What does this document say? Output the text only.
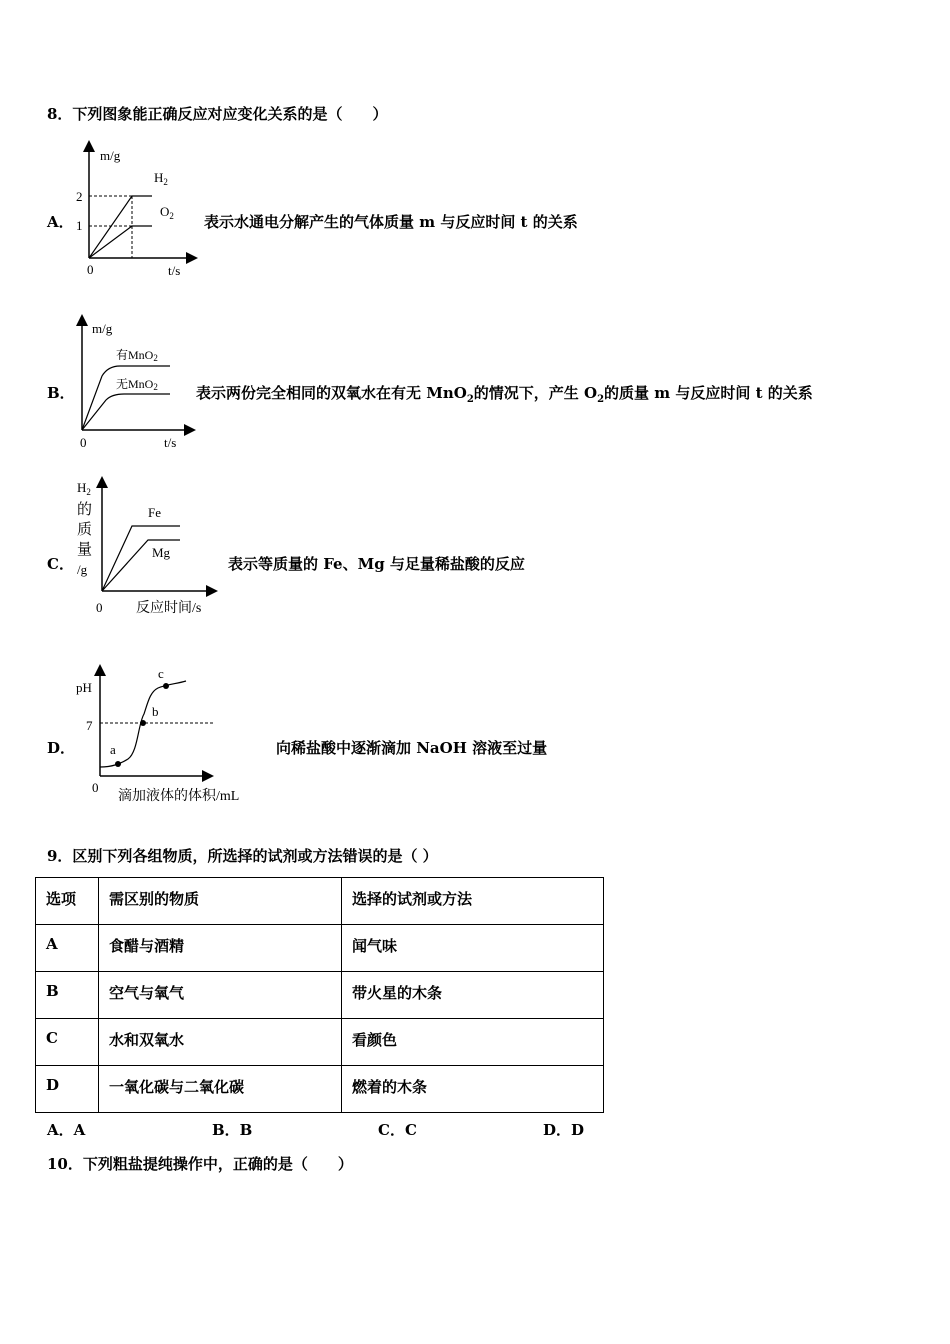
8．下列图象能正确反应对应变化关系的是（　　）
A．
m/g
t/s
0
2
1
$H_2$
$O_2$ 表示水通电分解产生的气体质量 m 与反应时间 t 的关系
B．
m/g
t/s
0
有MnO2
无MnO2	表示两份完全相同的双氧水在有无 MnO$_2$的情况下，产生 $O_2$的质量 m 与反应时间 t 的关系
C．
$H_2$
的
质
量
/g
0 反应时间/s
Fe
Mg
表示等质量的 Fe、Mg 与足量稀盐酸的反应
D．
pH
7
0
滴加液体的体积/mL
a
b
c
向稀盐酸中逐渐滴加 NaOH 溶液至过量
9．区别下列各组物质，所选择的试剂或方法错误的是（ ）
选项	需区别的物质	选择的试剂或方法
A	食醋与酒精	闻气味
B	空气与氧气	带火星的木条
C	水和双氧水	看颜色
D	一氧化碳与二氧化碳	燃着的木条
A．A	B．B	C．C	D．D
10．下列粗盐提纯操作中，正确的是（　　）
